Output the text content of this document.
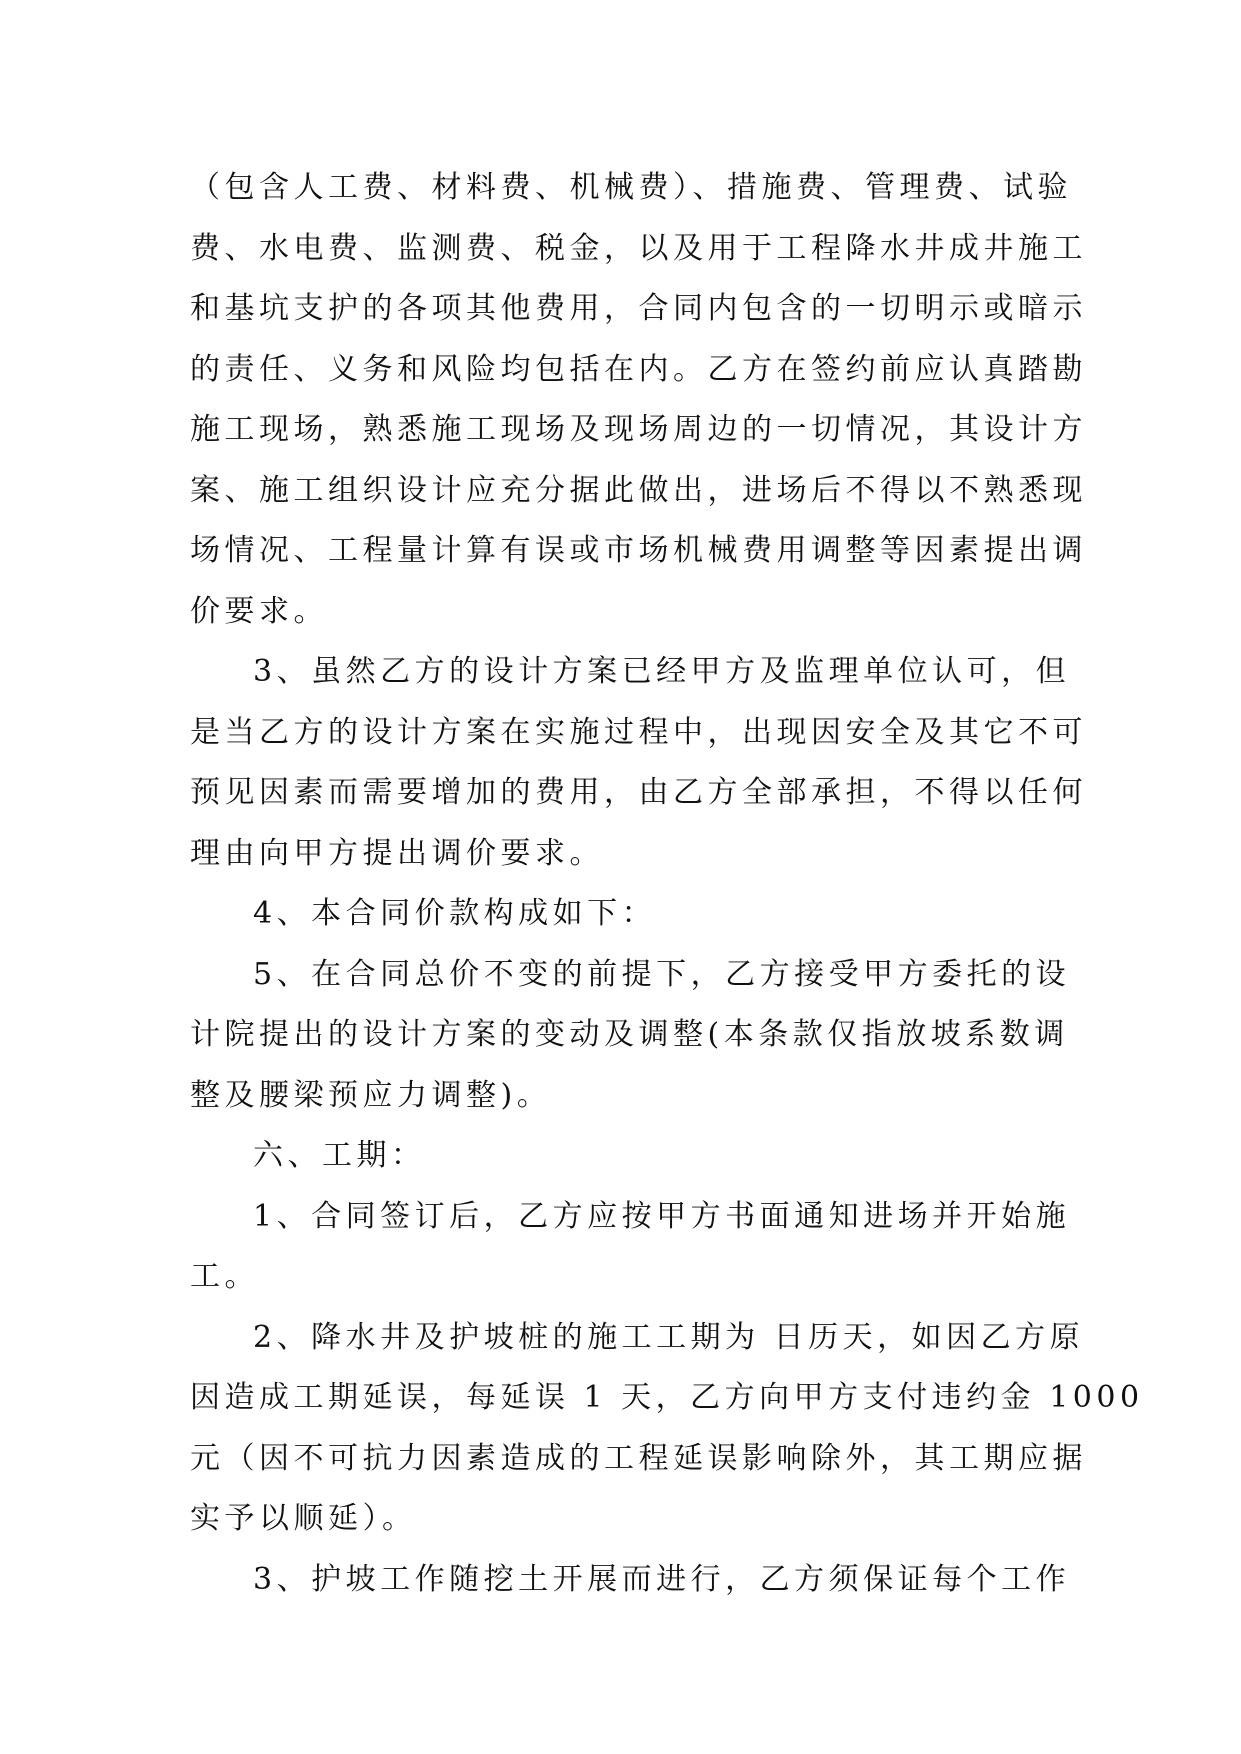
（包含人工费、材料费、机械费）、措施费、管理费、试验
费、水电费、监测费、税金，以及用于工程降水井成井施工
和基坑支护的各项其他费用，合同内包含的一切明示或暗示
的责任、义务和风险均包括在内。乙方在签约前应认真踏勘
施工现场，熟悉施工现场及现场周边的一切情况，其设计方
案、施工组织设计应充分据此做出，进场后不得以不熟悉现
场情况、工程量计算有误或市场机械费用调整等因素提出调
价要求。
3、虽然乙方的设计方案已经甲方及监理单位认可，但
是当乙方的设计方案在实施过程中，出现因安全及其它不可
预见因素而需要增加的费用，由乙方全部承担，不得以任何
理由向甲方提出调价要求。
4、本合同价款构成如下：
5、在合同总价不变的前提下，乙方接受甲方委托的设
计院提出的设计方案的变动及调整(本条款仅指放坡系数调
整及腰梁预应力调整)。
六、工期：
1、合同签订后，乙方应按甲方书面通知进场并开始施
工。
2、降水井及护坡桩的施工工期为 日历天，如因乙方原
因造成工期延误，每延误 1 天，乙方向甲方支付违约金 1000
元（因不可抗力因素造成的工程延误影响除外，其工期应据
实予以顺延）。
3、护坡工作随挖土开展而进行，乙方须保证每个工作
